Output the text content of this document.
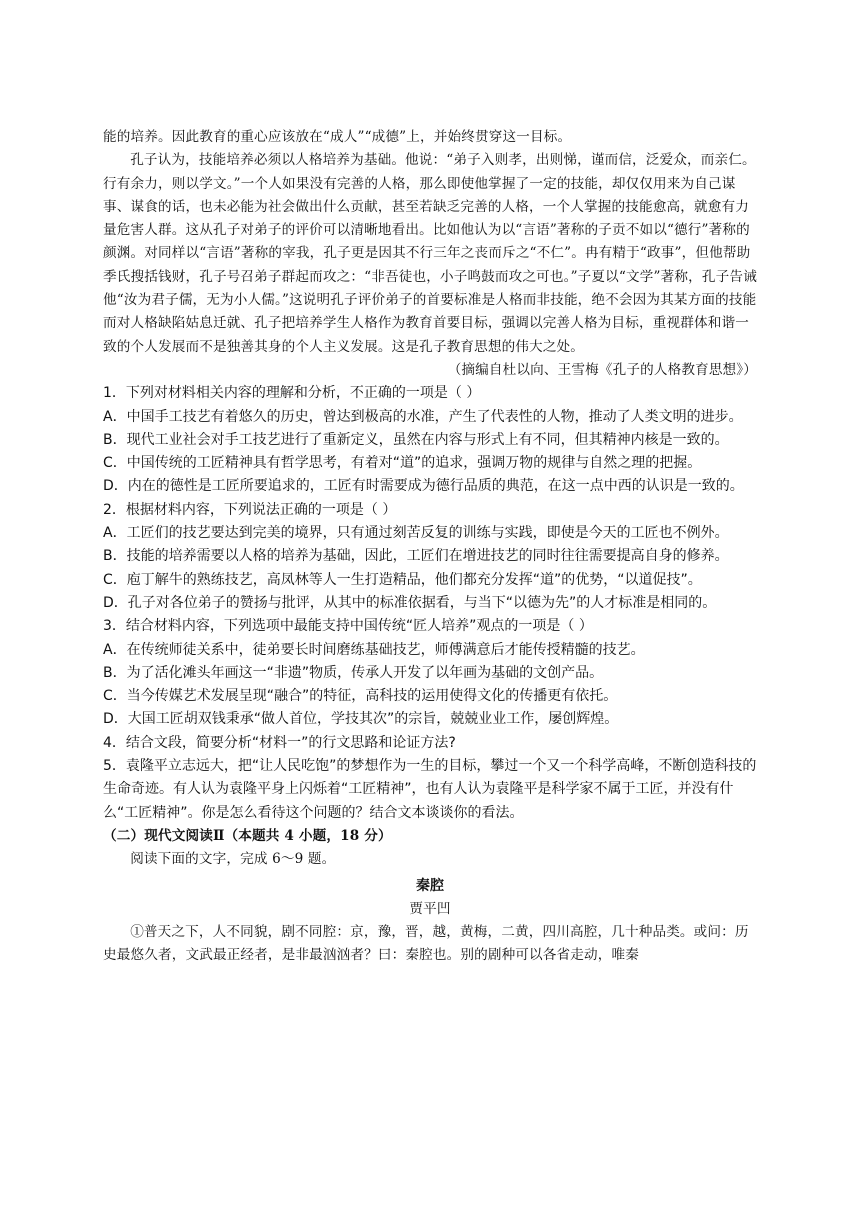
能的培养。因此教育的重心应该放在“成人”“成德”上，并始终贯穿这一目标。

孔子认为，技能培养必须以人格培养为基础。他说：“弟子入则孝，出则悌，谨而信，泛爱众，而亲仁。行有余力，则以学文。”一个人如果没有完善的人格，那么即使他掌握了一定的技能，却仅仅用来为自己谋事、谋食的话，也未必能为社会做出什么贡献，甚至若缺乏完善的人格，一个人掌握的技能愈高，就愈有力量危害人群。这从孔子对弟子的评价可以清晰地看出。比如他认为以“言语”著称的子贡不如以“德行”著称的颜渊。对同样以“言语”著称的宰我，孔子更是因其不行三年之丧而斥之“不仁”。冉有精于“政事”，但他帮助季氏搜括钱财，孔子号召弟子群起而攻之：“非吾徒也，小子鸣鼓而攻之可也。”子夏以“文学”著称，孔子告诫他“汝为君子儒，无为小人儒。”这说明孔子评价弟子的首要标准是人格而非技能，绝不会因为其某方面的技能而对人格缺陷姑息迁就、孔子把培养学生人格作为教育首要目标，强调以完善人格为目标，重视群体和谐一致的个人发展而不是独善其身的个人主义发展。这是孔子教育思想的伟大之处。

（摘编自杜以向、王雪梅《孔子的人格教育思想》）

1．下列对材料相关内容的理解和分析，不正确的一项是（ ）

A．中国手工技艺有着悠久的历史，曾达到极高的水准，产生了代表性的人物，推动了人类文明的进步。

B．现代工业社会对手工技艺进行了重新定义，虽然在内容与形式上有不同，但其精神内核是一致的。

C．中国传统的工匠精神具有哲学思考，有着对“道”的追求，强调万物的规律与自然之理的把握。

D．内在的德性是工匠所要追求的，工匠有时需要成为德行品质的典范，在这一点中西的认识是一致的。

2．根据材料内容，下列说法正确的一项是（ ）

A．工匠们的技艺要达到完美的境界，只有通过刻苦反复的训练与实践，即使是今天的工匠也不例外。

B．技能的培养需要以人格的培养为基础，因此，工匠们在增进技艺的同时往往需要提高自身的修养。

C．庖丁解牛的熟练技艺，高凤林等人一生打造精品，他们都充分发挥“道”的优势，“以道促技”。

D．孔子对各位弟子的赞扬与批评，从其中的标准依据看，与当下“以德为先”的人才标准是相同的。

3．结合材料内容，下列选项中最能支持中国传统“匠人培养”观点的一项是（ ）

A．在传统师徒关系中，徒弟要长时间磨练基础技艺，师傅满意后才能传授精髓的技艺。

B．为了活化滩头年画这一“非遗”物质，传承人开发了以年画为基础的文创产品。

C．当今传媒艺术发展呈现“融合”的特征，高科技的运用使得文化的传播更有依托。

D．大国工匠胡双钱秉承“做人首位，学技其次”的宗旨，兢兢业业工作，屡创辉煌。

4．结合文段，简要分析“材料一”的行文思路和论证方法?

5．袁隆平立志远大，把“让人民吃饱”的梦想作为一生的目标，攀过一个又一个科学高峰，不断创造科技的生命奇迹。有人认为袁隆平身上闪烁着“工匠精神”，也有人认为袁隆平是科学家不属于工匠，并没有什么“工匠精神”。你是怎么看待这个问题的？结合文本谈谈你的看法。

（二）现代文阅读Ⅱ（本题共 4 小题，18 分）

阅读下面的文字，完成 6～9 题。

秦腔

贾平凹

①普天之下，人不同貌，剧不同腔：京，豫，晋，越，黄梅，二黄，四川高腔，几十种品类。或问：历史最悠久者，文武最正经者，是非最汹汹者？曰：秦腔也。别的剧种可以各省走动，唯秦
